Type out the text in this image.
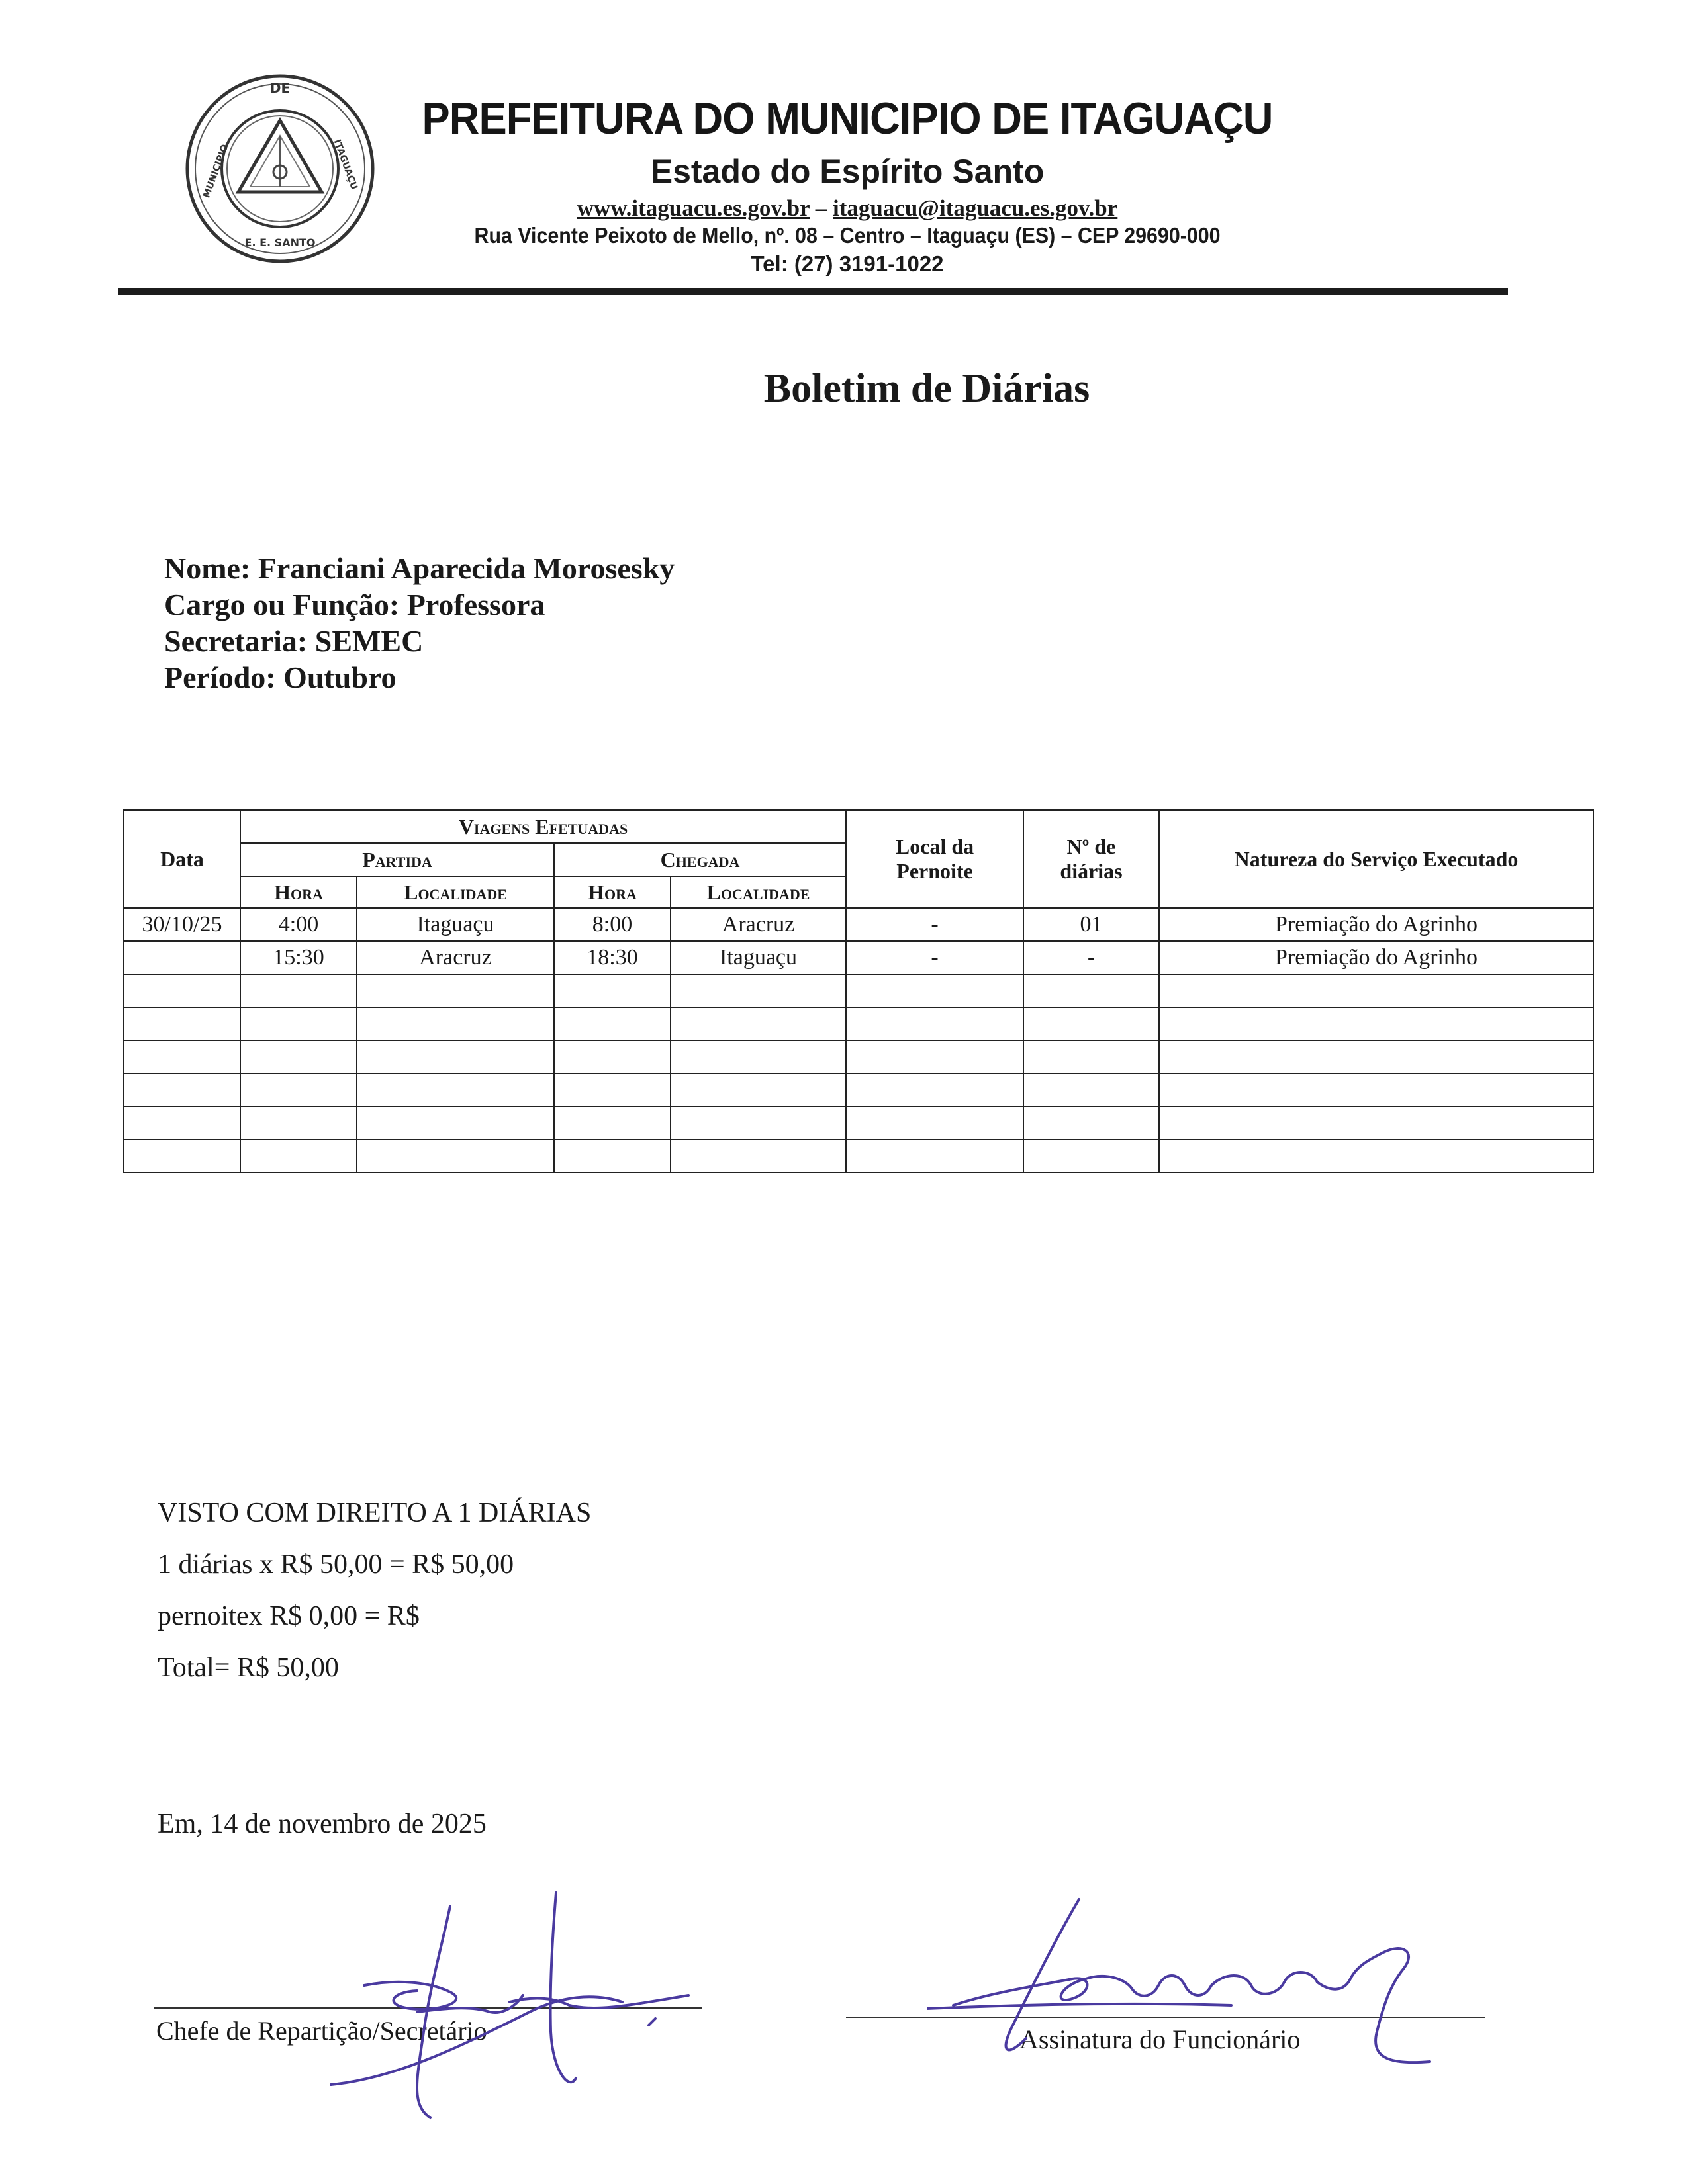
DE
MUNICIPIO	ITAGUAÇU
E. E. SANTO
PREFEITURA DO MUNICIPIO DE ITAGUAÇU
Estado do Espírito Santo
www.itaguacu.es.gov.br – itaguacu@itaguacu.es.gov.br
Rua Vicente Peixoto de Mello, nº. 08 – Centro – Itaguaçu (ES) – CEP 29690-000
Tel: (27) 3191-1022
Boletim de Diárias
Nome: Franciani Aparecida Morosesky
Cargo ou Função: Professora
Secretaria: SEMEC
Período: Outubro
Data	Viagens Efetuadas				Local da Pernoite	Nº de diárias	Natureza do Serviço Executado
	Partida		Chegada				
	Hora	Localidade	Hora	Localidade			
30/10/25	4:00	Itaguaçu	8:00	Aracruz	-	01	Premiação do Agrinho
	15:30	Aracruz	18:30	Itaguaçu	-	-	Premiação do Agrinho

VISTO COM DIREITO A 1 DIÁRIAS
1 diárias x R$ 50,00 = R$ 50,00
pernoitex R$ 0,00 = R$
Total= R$ 50,00
Em, 14 de novembro de 2025
Chefe de Repartição/Secretário	Assinatura do Funcionário
